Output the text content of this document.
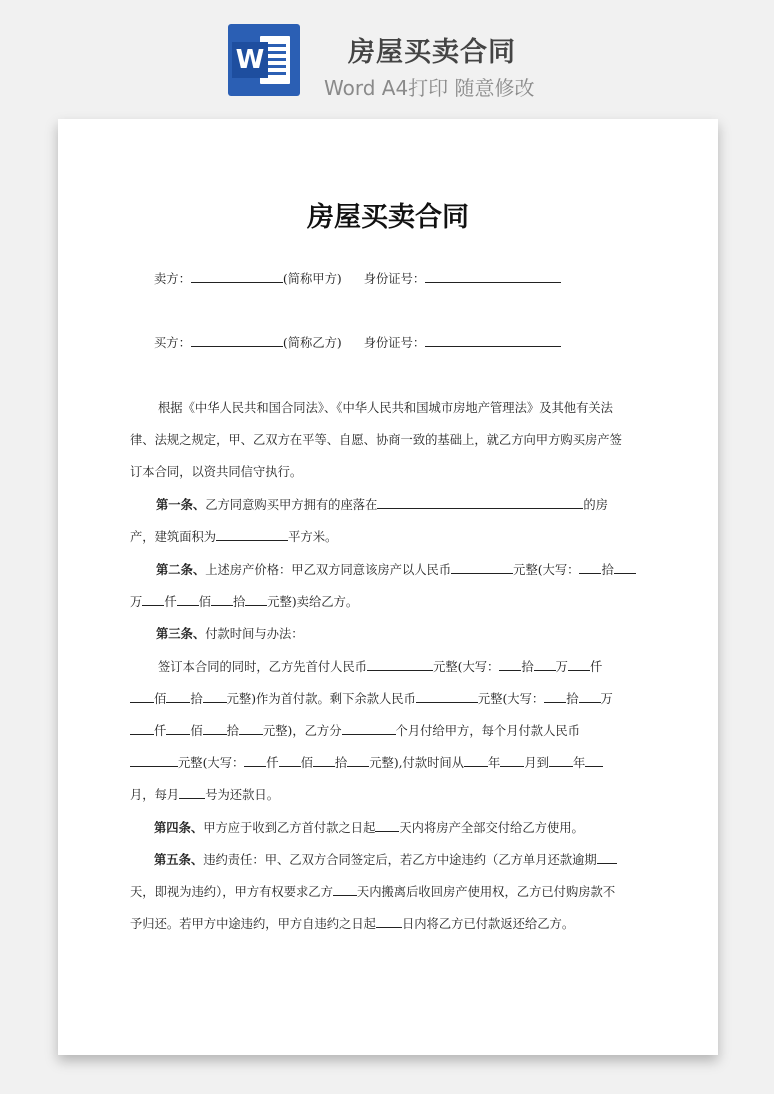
W	房屋买卖合同
Word A4打印 随意修改
房屋买卖合同
卖方：	(简称甲方) 身份证号：
买方：	(简称乙方) 身份证号：
根据《中华人民共和国合同法》、《中华人民共和国城市房地产管理法》及其他有关法
律、法规之规定，甲、乙双方在平等、自愿、协商一致的基础上，就乙方向甲方购买房产签
订本合同，以资共同信守执行。
第一条、乙方同意购买甲方拥有的座落在	的房
产，建筑面积为	平方米。
第二条、上述房产价格：甲乙双方同意该房产以人民币	元整(大写： 拾
万 仟 佰 拾 元整)卖给乙方。
第三条、付款时间与办法：
签订本合同的同时，乙方先首付人民币	元整(大写： 拾 万 仟
佰 拾 元整)作为首付款。剩下余款人民币	元整(大写： 拾 万
仟 佰 拾 元整)，乙方分	个月付给甲方，每个月付款人民币
元整(大写： 仟 佰 拾 元整),付款时间从 年 月到 年
月，每月 号为还款日。
第四条、甲方应于收到乙方首付款之日起 天内将房产全部交付给乙方使用。
第五条、违约责任：甲、乙双方合同签定后，若乙方中途违约（乙方单月还款逾期
天，即视为违约），甲方有权要求乙方 天内搬离后收回房产使用权，乙方已付购房款不
予归还。若甲方中途违约，甲方自违约之日起 日内将乙方已付款返还给乙方。
